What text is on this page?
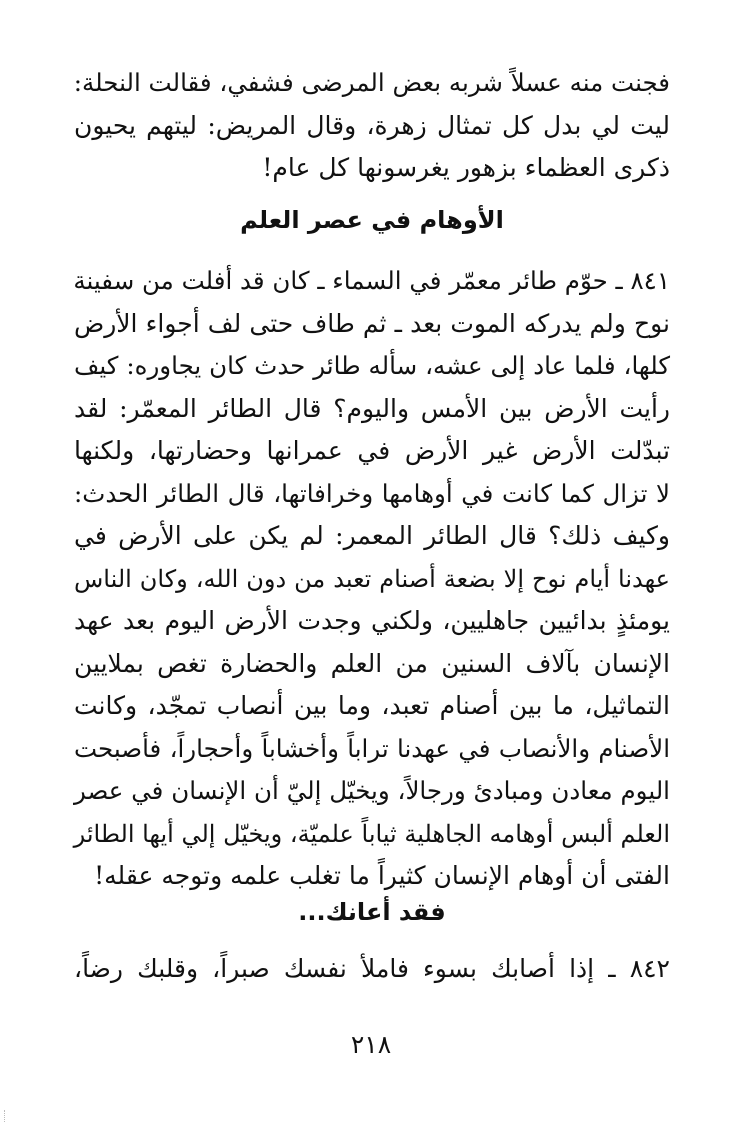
فجنت منه عسلاً شربه بعض المرضى فشفي، فقالت النحلة:
ليت لي بدل كل تمثال زهرة، وقال المريض: ليتهم يحيون
ذكرى العظماء بزهور يغرسونها كل عام!
الأوهام في عصر العلم
٨٤١ ـ حوّم طائر معمّر في السماء ـ كان قد أفلت من سفينة
نوح ولم يدركه الموت بعد ـ ثم طاف حتى لف أجواء الأرض
كلها، فلما عاد إلى عشه، سأله طائر حدث كان يجاوره: كيف
رأيت الأرض بين الأمس واليوم؟ قال الطائر المعمّر: لقد
تبدّلت الأرض غير الأرض في عمرانها وحضارتها، ولكنها
لا تزال كما كانت في أوهامها وخرافاتها، قال الطائر الحدث:
وكيف ذلك؟ قال الطائر المعمر: لم يكن على الأرض في
عهدنا أيام نوح إلا بضعة أصنام تعبد من دون الله، وكان الناس
يومئذٍ بدائيين جاهليين، ولكني وجدت الأرض اليوم بعد عهد
الإنسان بآلاف السنين من العلم والحضارة تغص بملايين
التماثيل، ما بين أصنام تعبد، وما بين أنصاب تمجّد، وكانت
الأصنام والأنصاب في عهدنا تراباً وأخشاباً وأحجاراً، فأصبحت
اليوم معادن ومبادئ ورجالاً، ويخيّل إليّ أن الإنسان في عصر
العلم ألبس أوهامه الجاهلية ثياباً علميّة، ويخيّل إلي أيها الطائر
الفتى أن أوهام الإنسان كثيراً ما تغلب علمه وتوجه عقله!
فقد أعانك...
٨٤٢ ـ إذا أصابك بسوء فاملأ نفسك صبراً، وقلبك رضاً،
٢١٨
